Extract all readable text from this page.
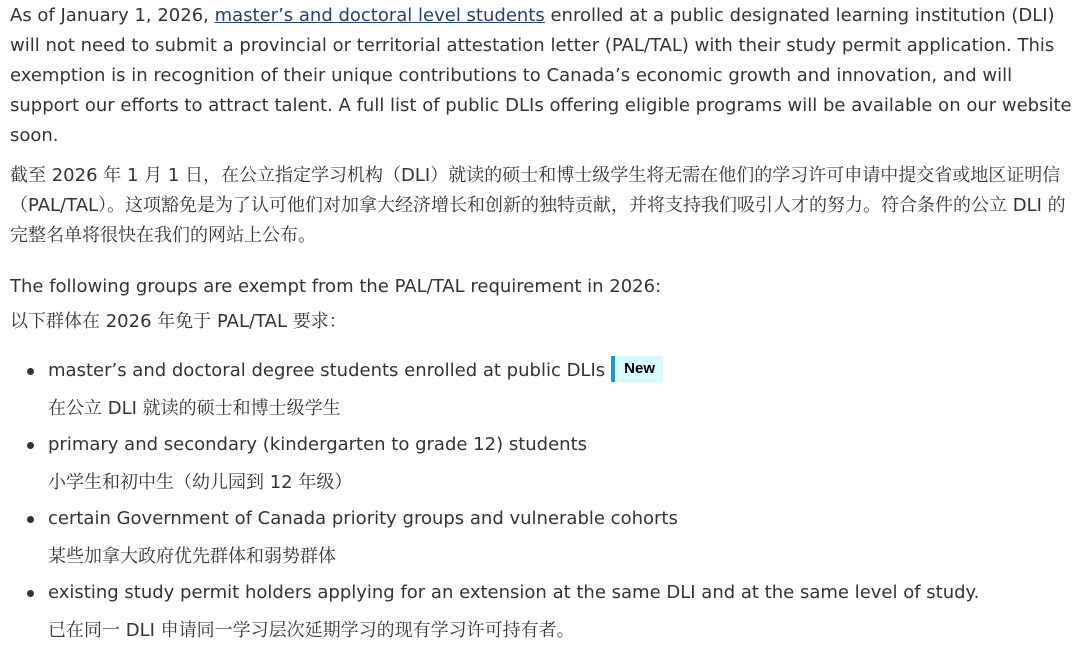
As of January 1, 2026, master’s and doctoral level students enrolled at a public designated learning institution (DLI) will not need to submit a provincial or territorial attestation letter (PAL/TAL) with their study permit application. This exemption is in recognition of their unique contributions to Canada’s economic growth and innovation, and will support our efforts to attract talent. A full list of public DLIs offering eligible programs will be available on our website soon.

截至 2026 年 1 月 1 日，在公立指定学习机构（DLI）就读的硕士和博士级学生将无需在他们的学习许可申请中提交省或地区证明信（PAL/TAL）。这项豁免是为了认可他们对加拿大经济增长和创新的独特贡献，并将支持我们吸引人才的努力。符合条件的公立 DLI 的完整名单将很快在我们的网站上公布。

The following groups are exempt from the PAL/TAL requirement in 2026:

以下群体在 2026 年免于 PAL/TAL 要求：

master’s and doctoral degree students enrolled at public DLIs New
在公立 DLI 就读的硕士和博士级学生
primary and secondary (kindergarten to grade 12) students
小学生和初中生（幼儿园到 12 年级）
certain Government of Canada priority groups and vulnerable cohorts
某些加拿大政府优先群体和弱势群体
existing study permit holders applying for an extension at the same DLI and at the same level of study.
已在同一 DLI 申请同一学习层次延期学习的现有学习许可持有者。
